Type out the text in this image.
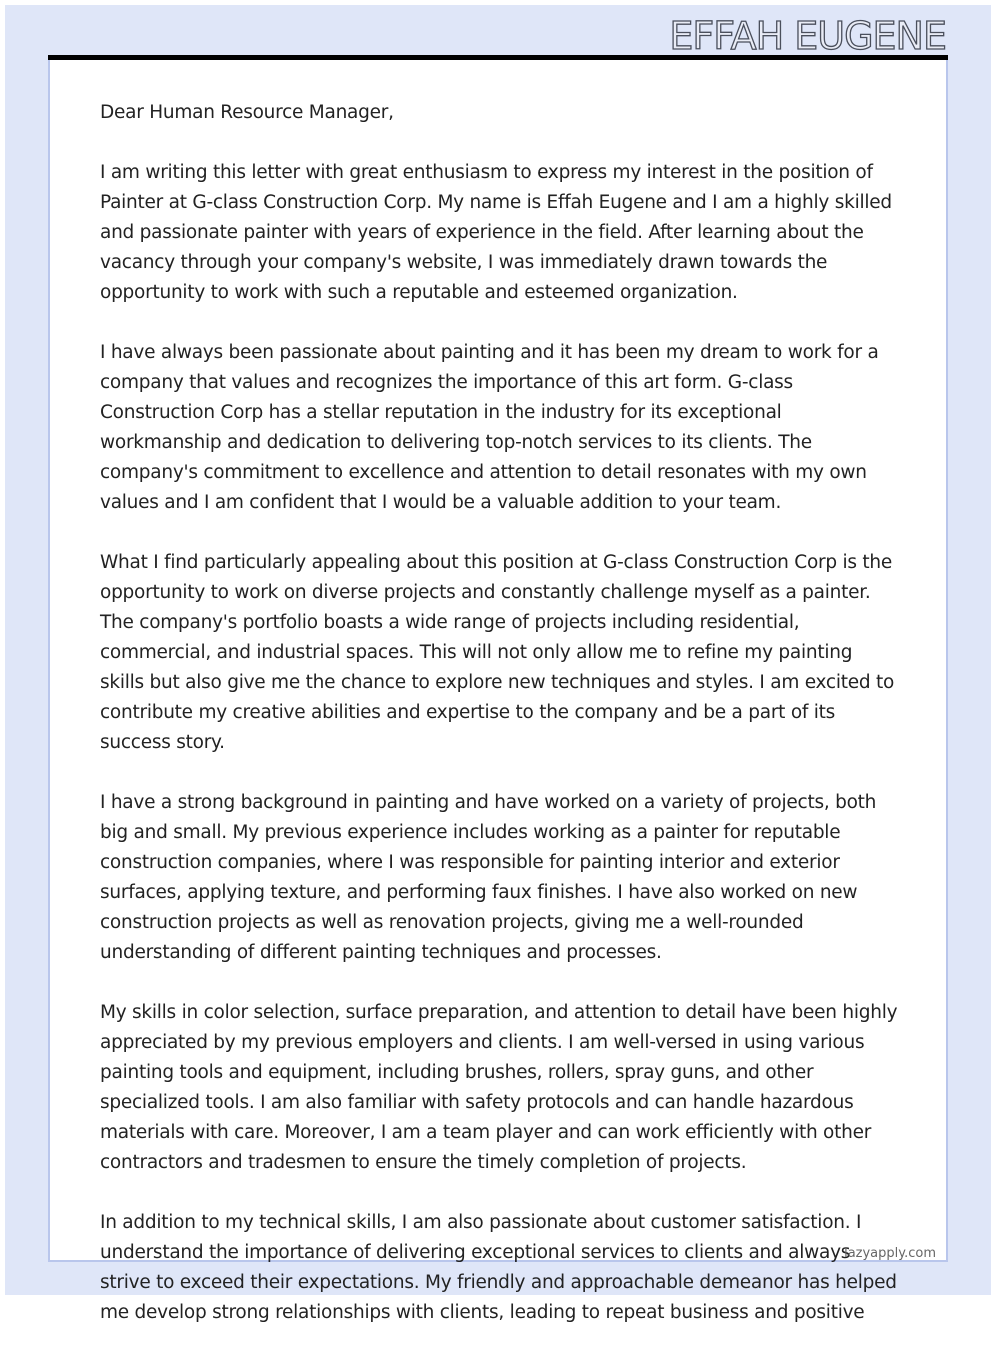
EFFAH EUGENE

Dear Human Resource Manager,

I am writing this letter with great enthusiasm to express my interest in the position of Painter at G-class Construction Corp. My name is Effah Eugene and I am a highly skilled and passionate painter with years of experience in the field. After learning about the vacancy through your company's website, I was immediately drawn towards the opportunity to work with such a reputable and esteemed organization.

I have always been passionate about painting and it has been my dream to work for a company that values and recognizes the importance of this art form. G-class Construction Corp has a stellar reputation in the industry for its exceptional workmanship and dedication to delivering top-notch services to its clients. The company's commitment to excellence and attention to detail resonates with my own values and I am confident that I would be a valuable addition to your team.

What I find particularly appealing about this position at G-class Construction Corp is the opportunity to work on diverse projects and constantly challenge myself as a painter. The company's portfolio boasts a wide range of projects including residential, commercial, and industrial spaces. This will not only allow me to refine my painting skills but also give me the chance to explore new techniques and styles. I am excited to contribute my creative abilities and expertise to the company and be a part of its success story.

I have a strong background in painting and have worked on a variety of projects, both big and small. My previous experience includes working as a painter for reputable construction companies, where I was responsible for painting interior and exterior surfaces, applying texture, and performing faux finishes. I have also worked on new construction projects as well as renovation projects, giving me a well-rounded understanding of different painting techniques and processes.

My skills in color selection, surface preparation, and attention to detail have been highly appreciated by my previous employers and clients. I am well-versed in using various painting tools and equipment, including brushes, rollers, spray guns, and other specialized tools. I am also familiar with safety protocols and can handle hazardous materials with care. Moreover, I am a team player and can work efficiently with other contractors and tradesmen to ensure the timely completion of projects.

In addition to my technical skills, I am also passionate about customer satisfaction. I understand the importance of delivering exceptional services to clients and always strive to exceed their expectations. My friendly and approachable demeanor has helped me develop strong relationships with clients, leading to repeat business and positive

lazyapply.com
